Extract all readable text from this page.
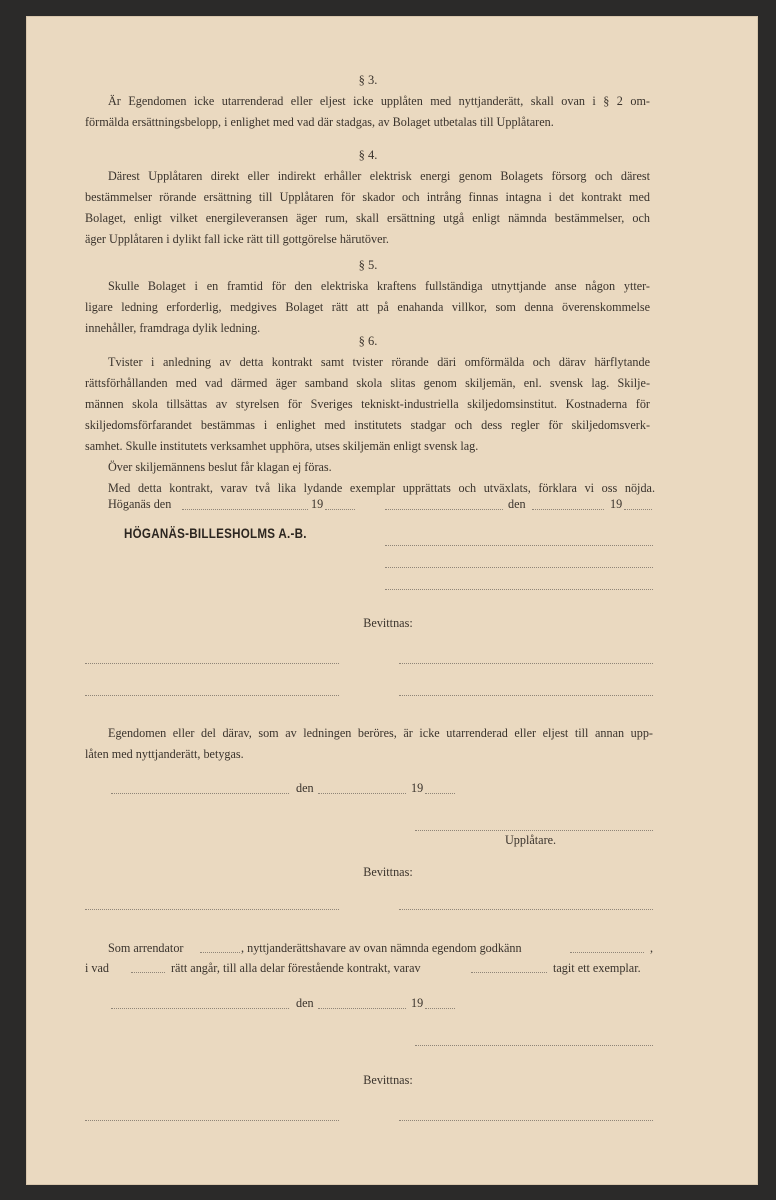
§ 3.
Är Egendomen icke utarrenderad eller eljest icke upplåten med nyttjanderätt, skall ovan i § 2 om-
förmälda ersättningsbelopp, i enlighet med vad där stadgas, av Bolaget utbetalas till Upplåtaren.
§ 4.
Därest Upplåtaren direkt eller indirekt erhåller elektrisk energi genom Bolagets försorg och därest
bestämmelser rörande ersättning till Upplåtaren för skador och intrång finnas intagna i det kontrakt med
Bolaget, enligt vilket energileveransen äger rum, skall ersättning utgå enligt nämnda bestämmelser, och
äger Upplåtaren i dylikt fall icke rätt till gottgörelse härutöver.
§ 5.
Skulle Bolaget i en framtid för den elektriska kraftens fullständiga utnyttjande anse någon ytter-
ligare ledning erforderlig, medgives Bolaget rätt att på enahanda villkor, som denna överenskommelse
innehåller, framdraga dylik ledning.
§ 6.
Tvister i anledning av detta kontrakt samt tvister rörande däri omförmälda och därav härflytande
rättsförhållanden med vad därmed äger samband skola slitas genom skiljemän, enl. svensk lag. Skilje-
männen skola tillsättas av styrelsen för Sveriges tekniskt-industriella skiljedomsinstitut. Kostnaderna för
skiljedomsförfarandet bestämmas i enlighet med institutets stadgar och dess regler för skiljedomsverk-
samhet. Skulle institutets verksamhet upphöra, utses skiljemän enligt svensk lag.
Över skiljemännens beslut får klagan ej föras.
Med detta kontrakt, varav två lika lydande exemplar upprättats och utväxlats, förklara vi oss nöjda.
Höganäs den	19	den	19
HÖGANÄS-BILLESHOLMS A.-B.
Bevittnas:
Egendomen eller del därav, som av ledningen beröres, är icke utarrenderad eller eljest till annan upp-
låten med nyttjanderätt, betygas.
den	19
Upplåtare.
Bevittnas:
Som arrendator	, nyttjanderättshavare av ovan nämnda egendom godkänn	,
i vad	rätt angår, till alla delar förestående kontrakt, varav	tagit ett exemplar.
den	19
Bevittnas:
